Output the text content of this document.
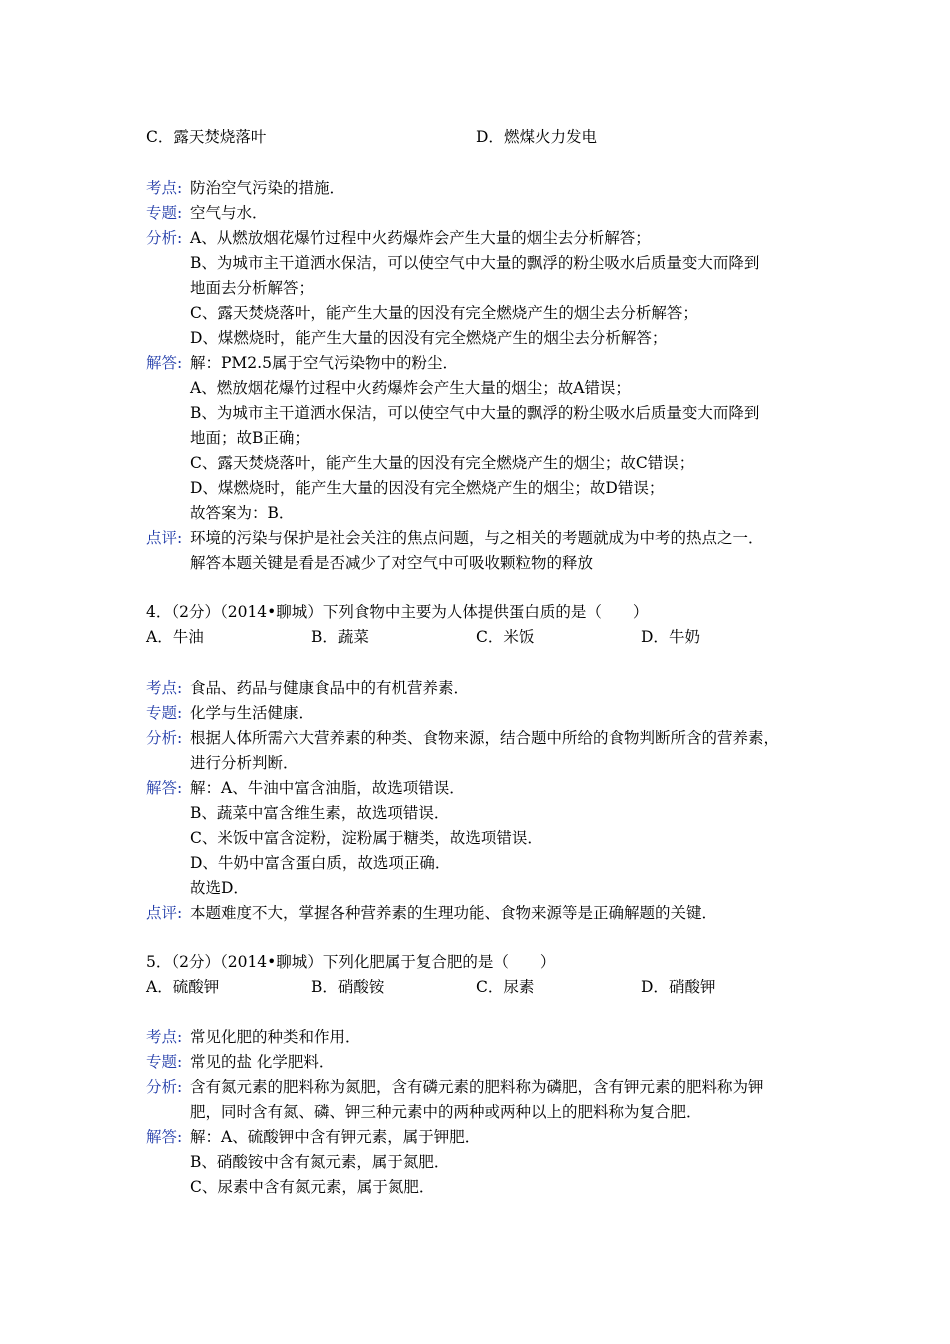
C．露天焚烧落叶	D．燃煤火力发电
考点: 防治空气污染的措施．
专题: 空气与水．
分析: A、从燃放烟花爆竹过程中火药爆炸会产生大量的烟尘去分析解答；
B、为城市主干道洒水保洁，可以使空气中大量的飘浮的粉尘吸水后质量变大而降到
地面去分析解答；
C、露天焚烧落叶，能产生大量的因没有完全燃烧产生的烟尘去分析解答；
D、煤燃烧时，能产生大量的因没有完全燃烧产生的烟尘去分析解答；
解答: 解：PM2.5属于空气污染物中的粉尘．
A、燃放烟花爆竹过程中火药爆炸会产生大量的烟尘；故A错误；
B、为城市主干道洒水保洁，可以使空气中大量的飘浮的粉尘吸水后质量变大而降到
地面；故B正确；
C、露天焚烧落叶，能产生大量的因没有完全燃烧产生的烟尘；故C错误；
D、煤燃烧时，能产生大量的因没有完全燃烧产生的烟尘；故D错误；
故答案为：B．
点评: 环境的污染与保护是社会关注的焦点问题，与之相关的考题就成为中考的热点之一．
解答本题关键是看是否减少了对空气中可吸收颗粒物的释放
4．（2分）（2014•聊城）下列食物中主要为人体提供蛋白质的是（　　）
A．牛油	B．蔬菜	C．米饭	D．牛奶
考点: 食品、药品与健康食品中的有机营养素．
专题: 化学与生活健康．
分析: 根据人体所需六大营养素的种类、食物来源，结合题中所给的食物判断所含的营养素，
进行分析判断．
解答: 解：A、牛油中富含油脂，故选项错误．
B、蔬菜中富含维生素，故选项错误．
C、米饭中富含淀粉，淀粉属于糖类，故选项错误．
D、牛奶中富含蛋白质，故选项正确．
故选D．
点评: 本题难度不大，掌握各种营养素的生理功能、食物来源等是正确解题的关键．
5．（2分）（2014•聊城）下列化肥属于复合肥的是（　　）
A．硫酸钾	B．硝酸铵	C．尿素	D．硝酸钾
考点: 常见化肥的种类和作用．
专题: 常见的盐 化学肥料．
分析: 含有氮元素的肥料称为氮肥，含有磷元素的肥料称为磷肥，含有钾元素的肥料称为钾
肥，同时含有氮、磷、钾三种元素中的两种或两种以上的肥料称为复合肥．
解答: 解：A、硫酸钾中含有钾元素，属于钾肥．
B、硝酸铵中含有氮元素，属于氮肥．
C、尿素中含有氮元素，属于氮肥．
